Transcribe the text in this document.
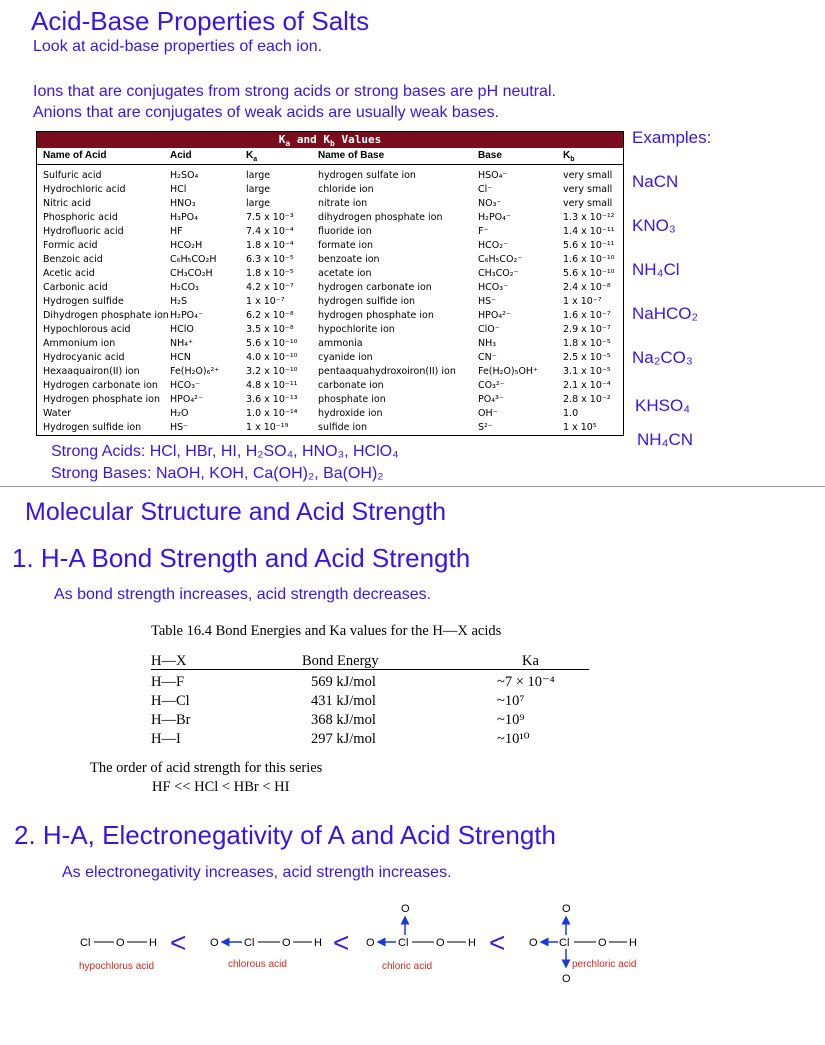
Acid-Base Properties of Salts
Look at acid-base properties of each ion.
Ions that are conjugates from strong acids or strong bases are pH neutral.
Anions that are conjugates of weak acids are usually weak bases.
$K_a$ and $K_b$ Values
Name of Acid	Acid	$K_a$	Name of Base	Base	$K_b$
Sulfuric acid	H₂SO₄	large	hydrogen sulfate ion	HSO₄⁻	very small
Hydrochloric acid	HCl	large	chloride ion	Cl⁻	very small
Nitric acid	HNO₃	large	nitrate ion	NO₃⁻	very small
Phosphoric acid	H₃PO₄	7.5 x 10⁻³	dihydrogen phosphate ion	H₂PO₄⁻	1.3 x 10⁻¹²
Hydrofluoric acid	HF	7.4 x 10⁻⁴	fluoride ion	F⁻	1.4 x 10⁻¹¹
Formic acid	HCO₂H	1.8 x 10⁻⁴	formate ion	HCO₂⁻	5.6 x 10⁻¹¹
Benzoic acid	C₆H₅CO₂H	6.3 x 10⁻⁵	benzoate ion	C₆H₅CO₂⁻	1.6 x 10⁻¹⁰
Acetic acid	CH₃CO₂H	1.8 x 10⁻⁵	acetate ion	CH₃CO₂⁻	5.6 x 10⁻¹⁰
Carbonic acid	H₂CO₃	4.2 x 10⁻⁷	hydrogen carbonate ion	HCO₃⁻	2.4 x 10⁻⁸
Hydrogen sulfide	H₂S	1 x 10⁻⁷	hydrogen sulfide ion	HS⁻	1 x 10⁻⁷
Dihydrogen phosphate ion H₂PO₄⁻	6.2 x 10⁻⁸	hydrogen phosphate ion	HPO₄²⁻	1.6 x 10⁻⁷
Hypochlorous acid	HClO	3.5 x 10⁻⁸	hypochlorite ion	ClO⁻	2.9 x 10⁻⁷
Ammonium ion	NH₄⁺	5.6 x 10⁻¹⁰ ammonia	NH₃	1.8 x 10⁻⁵
Hydrocyanic acid	HCN	4.0 x 10⁻¹⁰ cyanide ion	CN⁻	2.5 x 10⁻⁵
Hexaaquairon(II) ion	Fe(H₂O)₆²⁺	3.2 x 10⁻¹⁰ pentaaquahydroxoiron(II) ion Fe(H₂O)₅OH⁺	3.1 x 10⁻⁵
Hydrogen carbonate ion HCO₃⁻	4.8 x 10⁻¹¹ carbonate ion	CO₃²⁻	2.1 x 10⁻⁴
Hydrogen phosphate ion HPO₄²⁻	3.6 x 10⁻¹³ phosphate ion	PO₄³⁻	2.8 x 10⁻²
Water	H₂O	1.0 x 10⁻¹⁴ hydroxide ion	OH⁻	1.0
Hydrogen sulfide ion	HS⁻	1 x 10⁻¹⁹	sulfide ion	S²⁻	1 x 10⁵
Examples:
NaCN
KNO₃
NH₄Cl
NaHCO₂
Na₂CO₃
KHSO₄
NH₄CN
Strong Acids: HCl, HBr, HI, H₂SO₄, HNO₃, HClO₄
Strong Bases: NaOH, KOH, Ca(OH)₂, Ba(OH)₂
Molecular Structure and Acid Strength
1. H-A Bond Strength and Acid Strength
As bond strength increases, acid strength decreases.
Table 16.4 Bond Energies and Ka values for the H—X acids
H—X	Bond Energy	Ka
H—F	569 kJ/mol	~7 × 10⁻⁴
H—Cl	431 kJ/mol	~10⁷
H—Br	368 kJ/mol	~10⁹
H—I	297 kJ/mol	~10¹⁰
The order of acid strength for this series
HF << HCl < HBr < HI
2. H-A, Electronegativity of A and Acid Strength
As electronegativity increases, acid strength increases.
Cl O H
hypochlorus acid
< O Cl	O H
chlorous acid
<
O
O Cl	O H
chloric acid
<
O
O Cl
O
O H
perchloric acid
